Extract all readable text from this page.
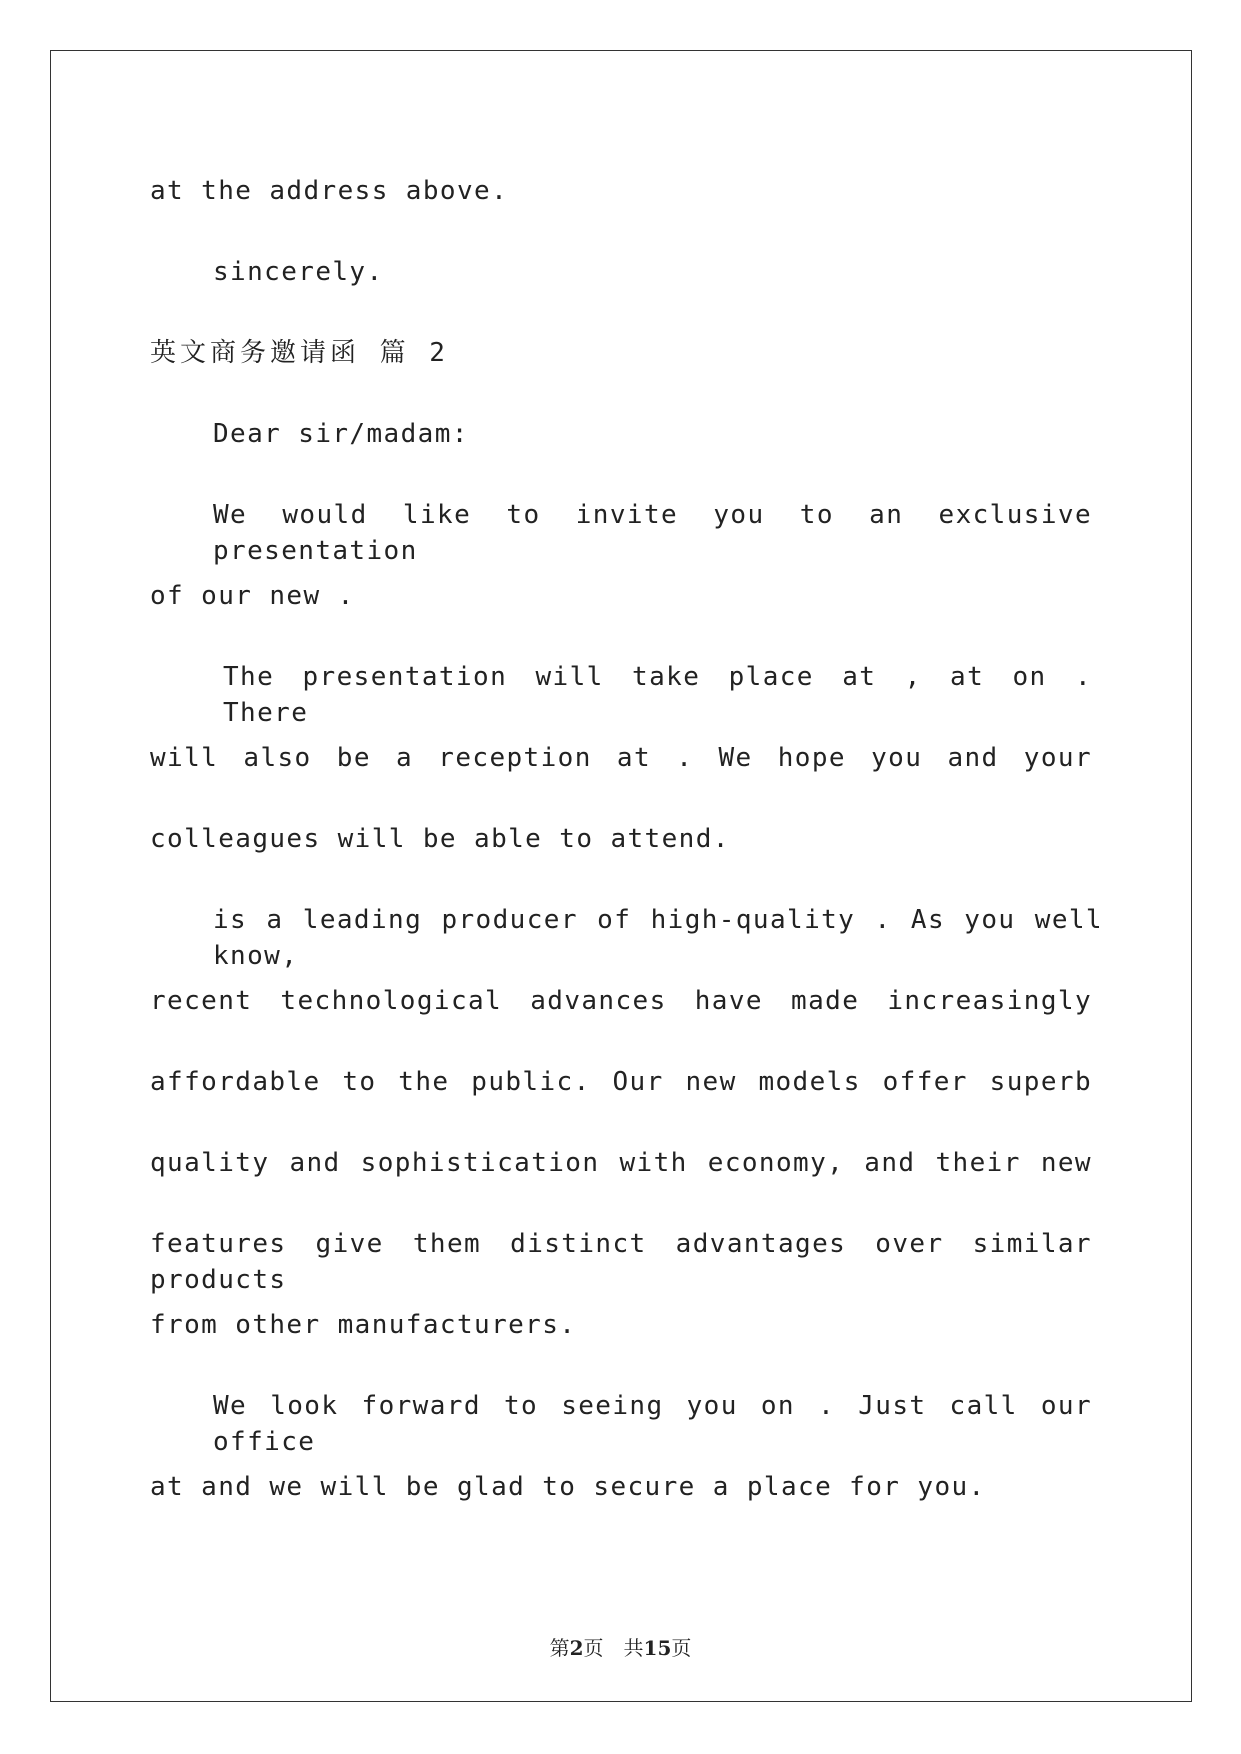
at the address above.
sincerely.
英文商务邀请函 篇 2
Dear sir/madam:
We would like to invite you to an exclusive presentation
of our new .
The presentation will take place at , at on . There
will also be a reception at . We hope you and your
colleagues will be able to attend.
is a leading producer of high-quality . As you well know,
recent technological advances have made increasingly
affordable to the public. Our new models offer superb
quality and sophistication with economy, and their new
features give them distinct advantages over similar products
from other manufacturers.
We look forward to seeing you on . Just call our office
at and we will be glad to secure a place for you.
第2页 共15页
